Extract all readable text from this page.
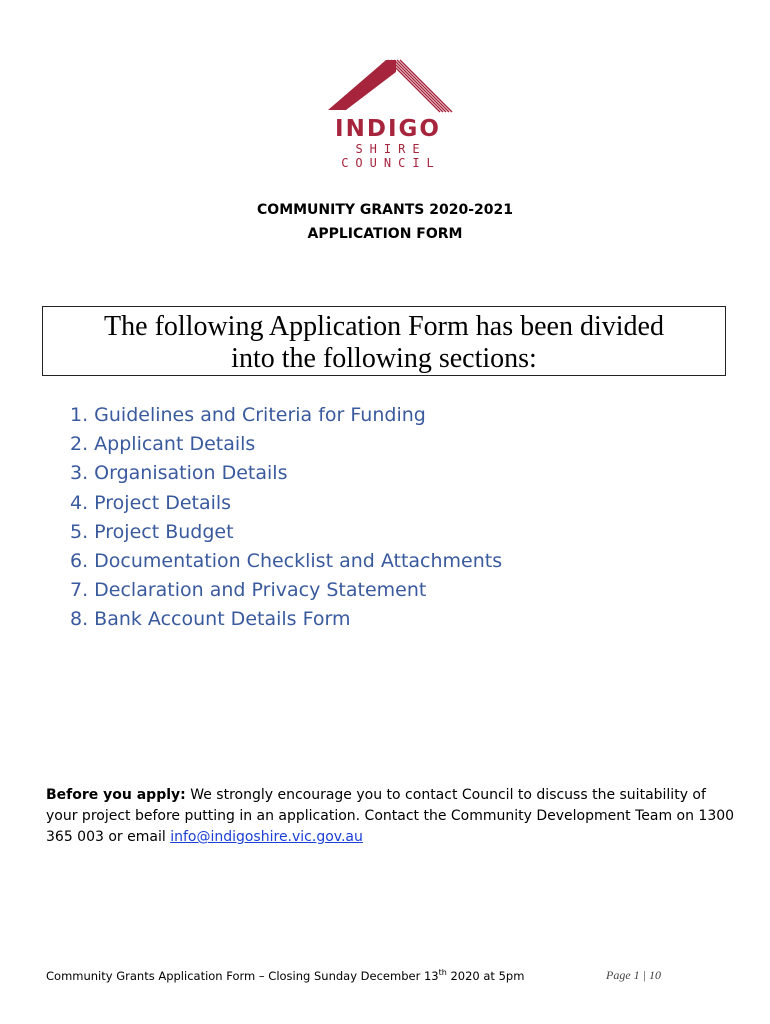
INDIGO
SHIRE
COUNCIL
COMMUNITY GRANTS 2020-2021
APPLICATION FORM
The following Application Form has been divided
into the following sections:
1. Guidelines and Criteria for Funding
2. Applicant Details
3. Organisation Details
4. Project Details
5. Project Budget
6. Documentation Checklist and Attachments
7. Declaration and Privacy Statement
8. Bank Account Details Form
Before you apply: We strongly encourage you to contact Council to discuss the suitability of your project before putting in an application. Contact the Community Development Team on 1300 365 003 or email info@indigoshire.vic.gov.au
Community Grants Application Form – Closing Sunday December 13th 2020 at 5pm	Page 1 | 10
